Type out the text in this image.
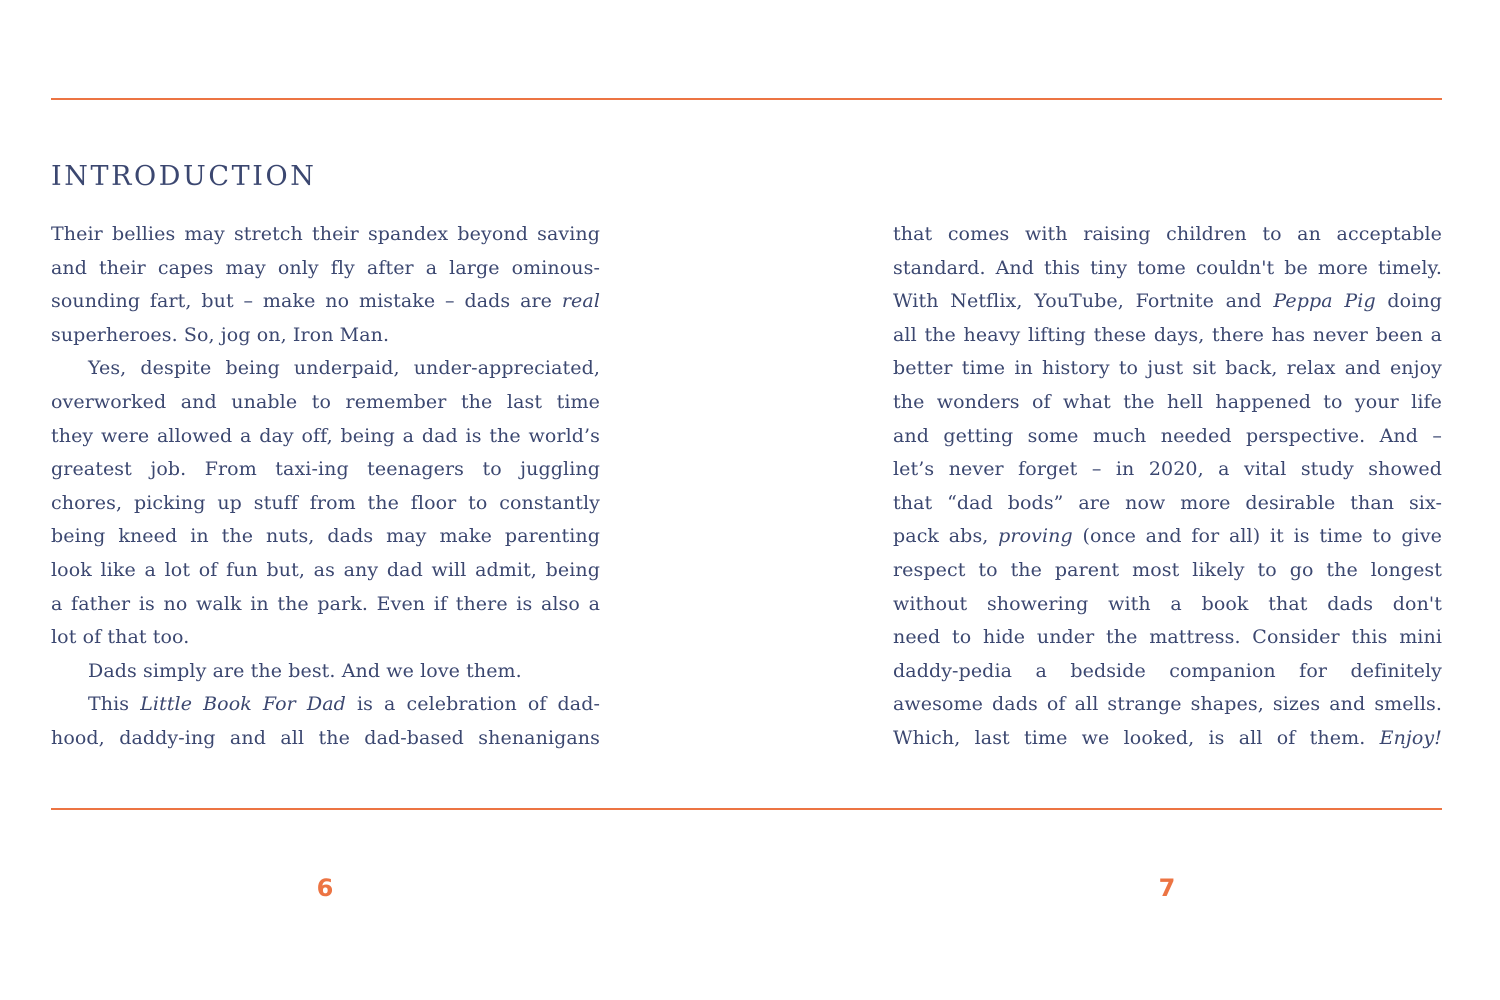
INTRODUCTION
Their bellies may stretch their spandex beyond saving
and their capes may only fly after a large ominous-
sounding fart, but – make no mistake – dads are real
superheroes. So, jog on, Iron Man.
Yes, despite being underpaid, under-appreciated,
overworked and unable to remember the last time
they were allowed a day off, being a dad is the world’s
greatest job. From taxi-ing teenagers to juggling
chores, picking up stuff from the floor to constantly
being kneed in the nuts, dads may make parenting
look like a lot of fun but, as any dad will admit, being
a father is no walk in the park. Even if there is also a
lot of that too.
Dads simply are the best. And we love them.
This Little Book For Dad is a celebration of dad-
hood, daddy-ing and all the dad-based shenanigans
that comes with raising children to an acceptable
standard. And this tiny tome couldn't be more timely.
With Netflix, YouTube, Fortnite and Peppa Pig doing
all the heavy lifting these days, there has never been a
better time in history to just sit back, relax and enjoy
the wonders of what the hell happened to your life
and getting some much needed perspective. And –
let’s never forget – in 2020, a vital study showed
that “dad bods” are now more desirable than six-
pack abs, proving (once and for all) it is time to give
respect to the parent most likely to go the longest
without showering with a book that dads don't
need to hide under the mattress. Consider this mini
daddy-pedia a bedside companion for definitely
awesome dads of all strange shapes, sizes and smells.
Which, last time we looked, is all of them. Enjoy!
6	7
